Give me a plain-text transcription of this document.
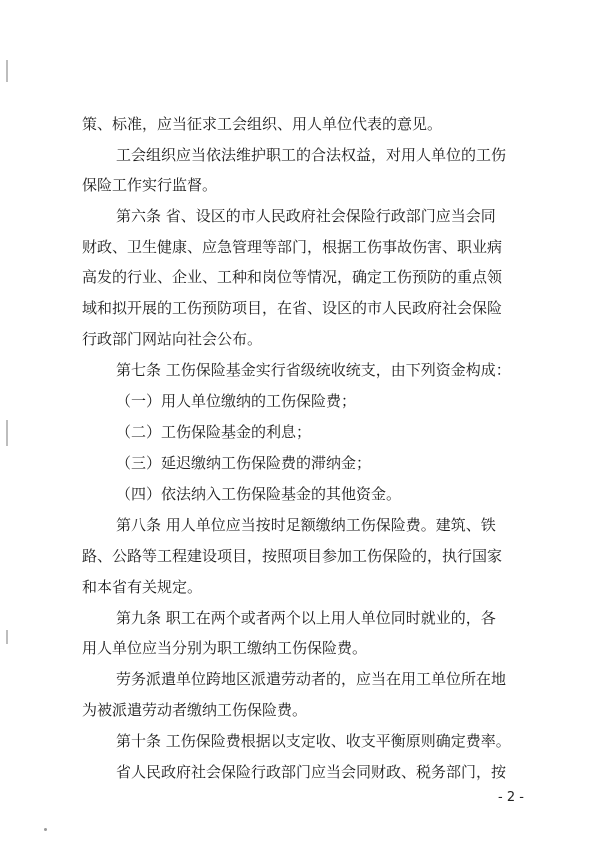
策、标准，应当征求工会组织、用人单位代表的意见。
工会组织应当依法维护职工的合法权益，对用人单位的工伤
保险工作实行监督。
第六条 省、设区的市人民政府社会保险行政部门应当会同
财政、卫生健康、应急管理等部门，根据工伤事故伤害、职业病
高发的行业、企业、工种和岗位等情况，确定工伤预防的重点领
域和拟开展的工伤预防项目，在省、设区的市人民政府社会保险
行政部门网站向社会公布。
第七条 工伤保险基金实行省级统收统支，由下列资金构成：
（一）用人单位缴纳的工伤保险费；
（二）工伤保险基金的利息；
（三）延迟缴纳工伤保险费的滞纳金；
（四）依法纳入工伤保险基金的其他资金。
第八条 用人单位应当按时足额缴纳工伤保险费。建筑、铁
路、公路等工程建设项目，按照项目参加工伤保险的，执行国家
和本省有关规定。
第九条 职工在两个或者两个以上用人单位同时就业的，各
用人单位应当分别为职工缴纳工伤保险费。
劳务派遣单位跨地区派遣劳动者的，应当在用工单位所在地
为被派遣劳动者缴纳工伤保险费。
第十条 工伤保险费根据以支定收、收支平衡原则确定费率。
省人民政府社会保险行政部门应当会同财政、税务部门，按
- 2 -
